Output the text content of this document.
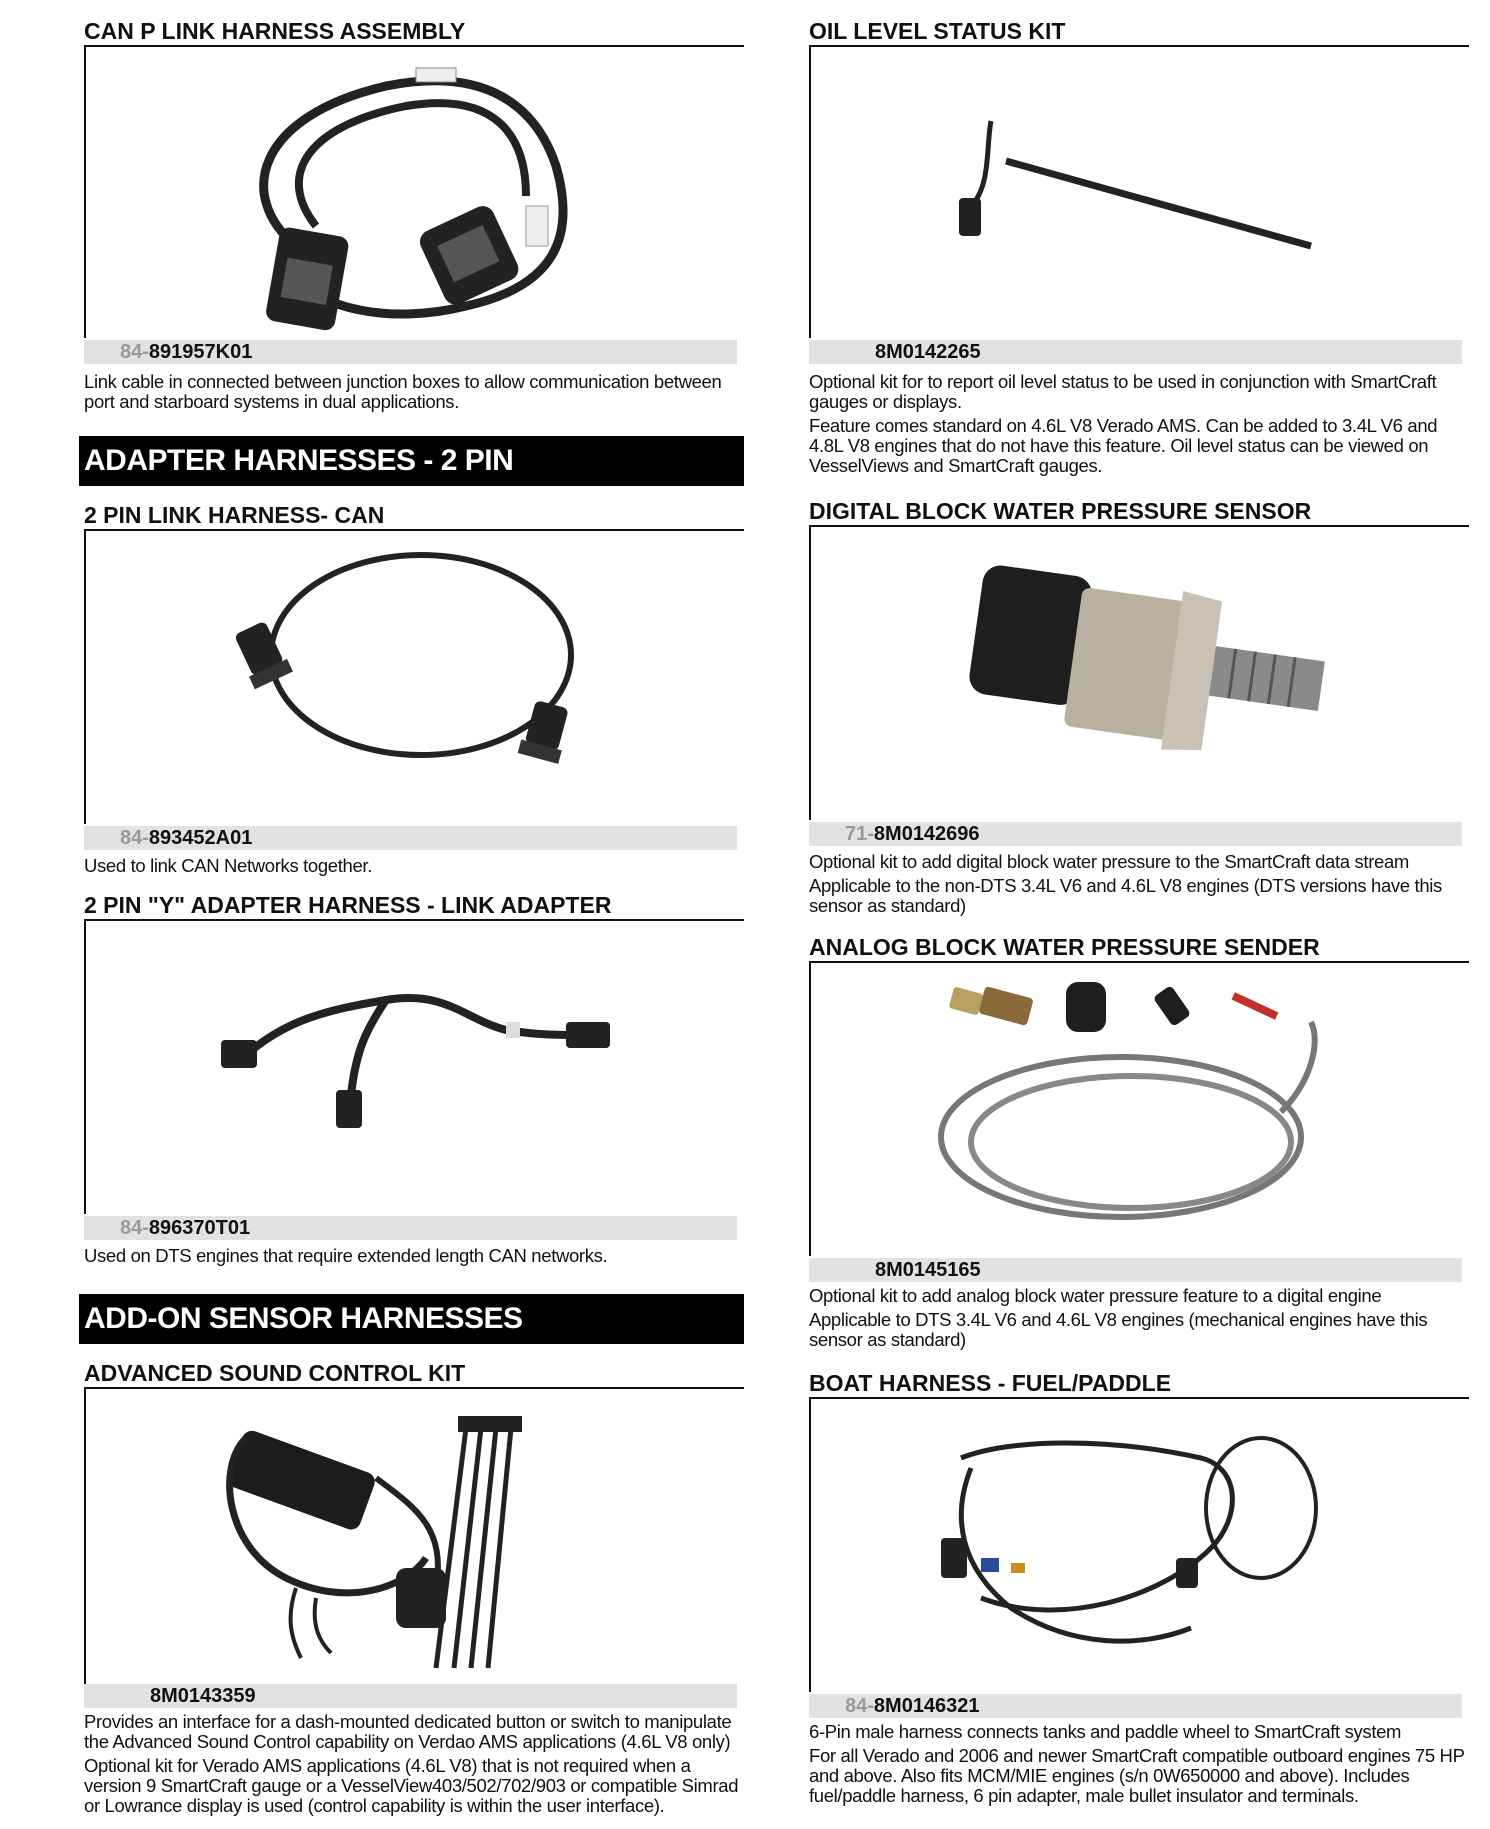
CAN P LINK HARNESS ASSEMBLY
84-891957K01

Link cable in connected between junction boxes to allow communication between port and starboard systems in dual applications.

ADAPTER HARNESSES - 2 PIN
2 PIN LINK HARNESS- CAN
84-893452A01

Used to link CAN Networks together.

2 PIN "Y" ADAPTER HARNESS - LINK ADAPTER
84-896370T01

Used on DTS engines that require extended length CAN networks.

ADD-ON SENSOR HARNESSES
ADVANCED SOUND CONTROL KIT
8M0143359

Provides an interface for a dash-mounted dedicated button or switch to manipulate the Advanced Sound Control capability on Verdao AMS applications (4.6L V8 only)

Optional kit for Verado AMS applications (4.6L V8) that is not required when a version 9 SmartCraft gauge or a VesselView403/502/702/903 or compatible Simrad or Lowrance display is used (control capability is within the user interface).

OIL LEVEL STATUS KIT
8M0142265

Optional kit for to report oil level status to be used in conjunction with SmartCraft gauges or displays.

Feature comes standard on 4.6L V8 Verado AMS. Can be added to 3.4L V6 and 4.8L V8 engines that do not have this feature. Oil level status can be viewed on VesselViews and SmartCraft gauges.

DIGITAL BLOCK WATER PRESSURE SENSOR
71-8M0142696

Optional kit to add digital block water pressure to the SmartCraft data stream

Applicable to the non-DTS 3.4L V6 and 4.6L V8 engines (DTS versions have this sensor as standard)

ANALOG BLOCK WATER PRESSURE SENDER
8M0145165

Optional kit to add analog block water pressure feature to a digital engine

Applicable to DTS 3.4L V6 and 4.6L V8 engines (mechanical engines have this sensor as standard)

BOAT HARNESS - FUEL/PADDLE
84-8M0146321

6-Pin male harness connects tanks and paddle wheel to SmartCraft system

For all Verado and 2006 and newer SmartCraft compatible outboard engines 75 HP and above. Also fits MCM/MIE engines (s/n 0W650000 and above). Includes fuel/paddle harness, 6 pin adapter, male bullet insulator and terminals.
